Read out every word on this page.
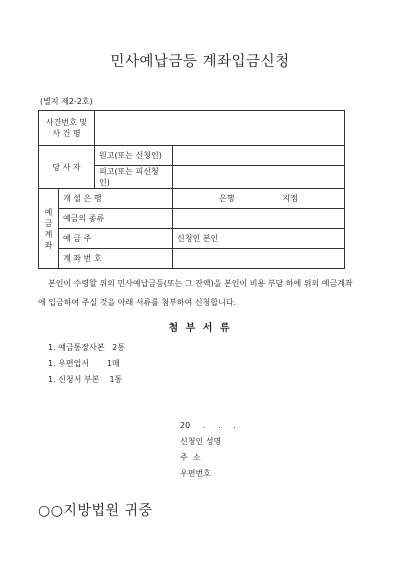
민사예납금등 계좌입금신청
(별지 제2-2호)
사건번호 및
사 건 명			

당 사 자		원고(또는 신청인)	
		피고(또는 피신청인)	

예
금
계
좌	개 설 은 행		은행 지점

	예금의 종류		
	예 금 주		신청인 본인
	계 좌 번 호		
본인이 수령할 위의 민사예납금등(또는 그 잔액)을 본인이 비용 부담 하에 위의 예금계좌에 입금하여 주실 것을 아래 서류를 첨부하여 신청합니다.
첨 부 서 류
1. 예금통장사본   2통
1. 우편업서       1매
1. 신청서 부본    1통
20     .     .     .
신청인 성명
주  소
우편번호
○○지방법원 귀중
